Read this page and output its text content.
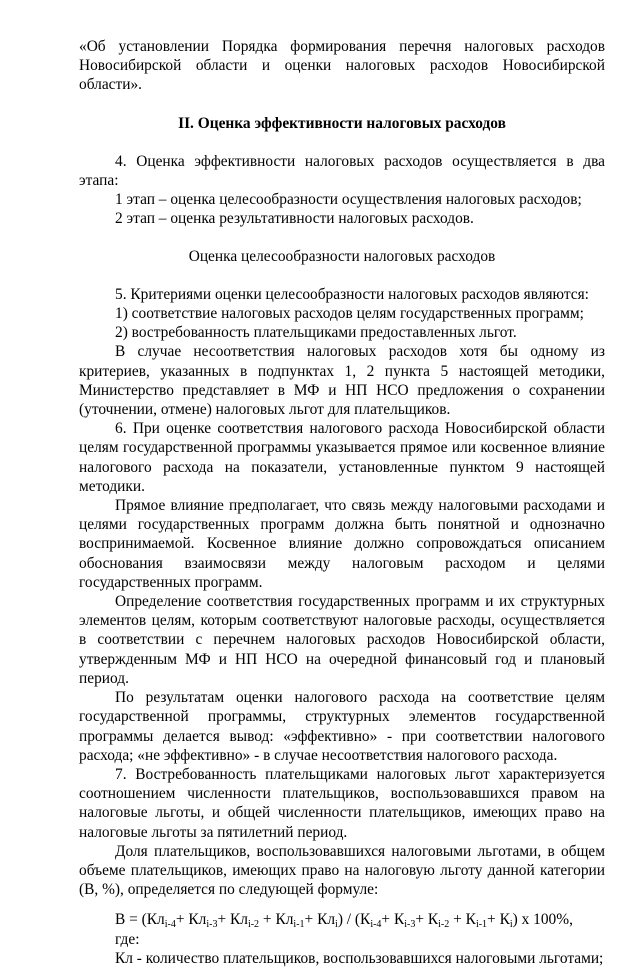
«Об установлении Порядка формирования перечня налоговых расходов

Новосибирской области и оценки налоговых расходов Новосибирской области».

II. Оценка эффективности налоговых расходов

4. Оценка эффективности налоговых расходов осуществляется в два этапа:

1 этап – оценка целесообразности осуществления налоговых расходов;

2 этап – оценка результативности налоговых расходов.

Оценка целесообразности налоговых расходов

5. Критериями оценки целесообразности налоговых расходов являются:

1) соответствие налоговых расходов целям государственных программ;

2) востребованность плательщиками предоставленных льгот.

В случае несоответствия налоговых расходов хотя бы одному из критериев, указанных в подпунктах 1, 2 пункта 5 настоящей методики, Министерство представляет в МФ и НП НСО предложения о сохранении (уточнении, отмене) налоговых льгот для плательщиков.

6. При оценке соответствия налогового расхода Новосибирской области целям государственной программы указывается прямое или косвенное влияние налогового расхода на показатели, установленные пунктом 9 настоящей методики.

Прямое влияние предполагает, что связь между налоговыми расходами и целями государственных программ должна быть понятной и однозначно воспринимаемой. Косвенное влияние должно сопровождаться описанием обоснования взаимосвязи между налоговым расходом и целями государственных программ.

Определение соответствия государственных программ и их структурных элементов целям, которым соответствуют налоговые расходы, осуществляется в соответствии с перечнем налоговых расходов Новосибирской области, утвержденным МФ и НП НСО на очередной финансовый год и плановый период.

По результатам оценки налогового расхода на соответствие целям государственной программы, структурных элементов государственной программы делается вывод: «эффективно» - при соответствии налогового расхода; «не эффективно» - в случае несоответствия налогового расхода.

7. Востребованность плательщиками налоговых льгот характеризуется соотношением численности плательщиков, воспользовавшихся правом на налоговые льготы, и общей численности плательщиков, имеющих право на налоговые льготы за пятилетний период.

Доля плательщиков, воспользовавшихся налоговыми льготами, в общем объеме плательщиков, имеющих право на налоговую льготу данной категории (В, %), определяется по следующей формуле:

$В = (Кл_{i-4}+ Кл_{i-3}+ Кл_{i-2} + Кл_{i-1}+ Кл_i) / (К_{i-4}+ К_{i-3}+ К_{i-2} + К_{i-1}+ К_i)$ х 100%,

где:

Кл - количество плательщиков, воспользовавшихся налоговыми льготами;
